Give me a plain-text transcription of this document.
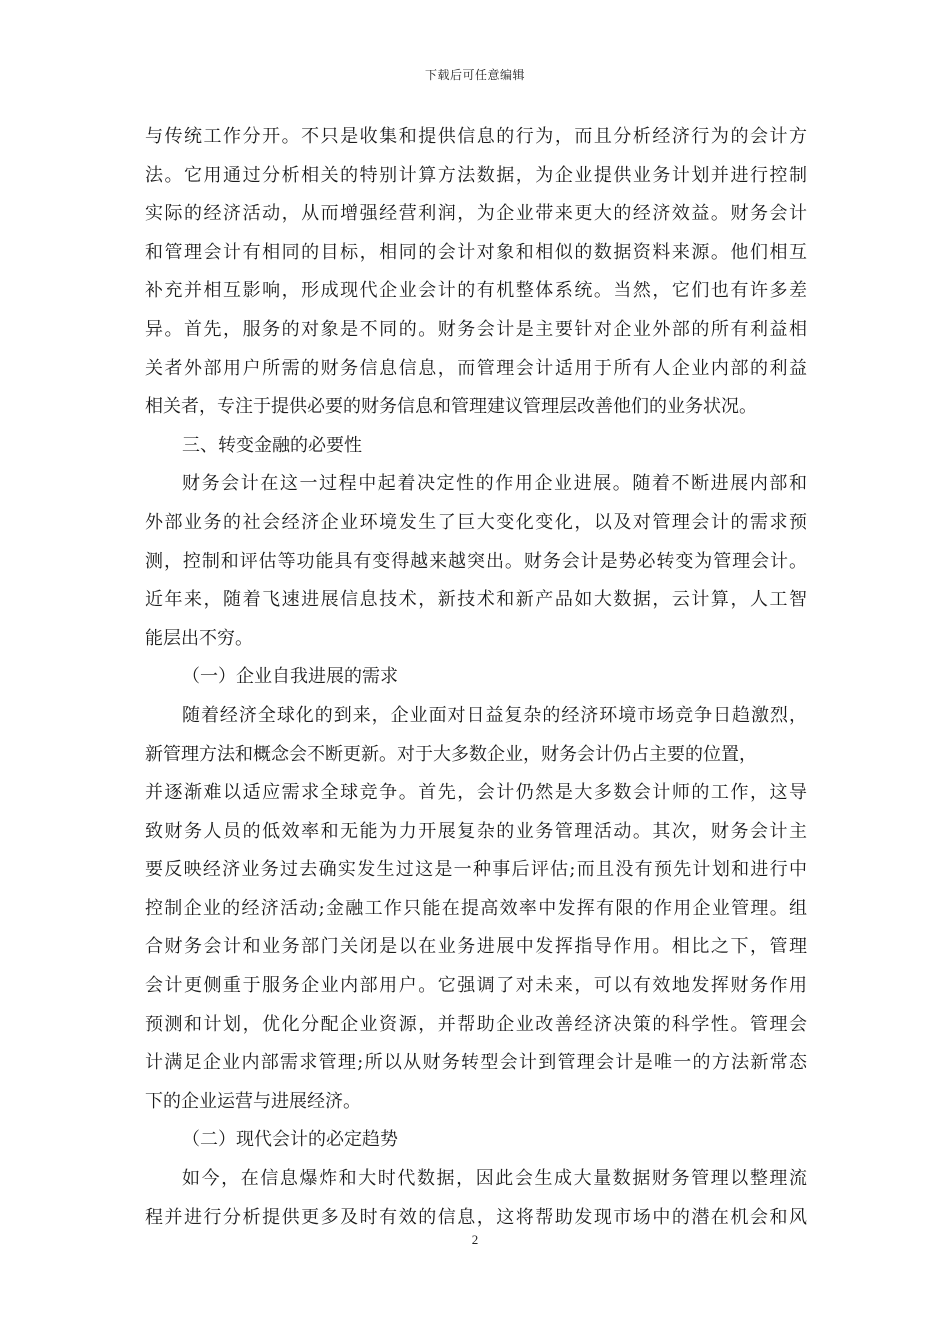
下载后可任意编辑
与传统工作分开。不只是收集和提供信息的行为，而且分析经济行为的会计方
法。它用通过分析相关的特别计算方法数据，为企业提供业务计划并进行控制
实际的经济活动，从而增强经营利润，为企业带来更大的经济效益。财务会计
和管理会计有相同的目标，相同的会计对象和相似的数据资料来源。他们相互
补充并相互影响，形成现代企业会计的有机整体系统。当然，它们也有许多差
异。首先，服务的对象是不同的。财务会计是主要针对企业外部的所有利益相
关者外部用户所需的财务信息信息，而管理会计适用于所有人企业内部的利益
相关者，专注于提供必要的财务信息和管理建议管理层改善他们的业务状况。
三、转变金融的必要性
财务会计在这一过程中起着决定性的作用企业进展。随着不断进展内部和
外部业务的社会经济企业环境发生了巨大变化变化，以及对管理会计的需求预
测，控制和评估等功能具有变得越来越突出。财务会计是势必转变为管理会计。
近年来，随着飞速进展信息技术，新技术和新产品如大数据，云计算，人工智
能层出不穷。
（一）企业自我进展的需求
随着经济全球化的到来，企业面对日益复杂的经济环境市场竞争日趋激烈，
新管理方法和概念会不断更新。对于大多数企业，财务会计仍占主要的位置，
并逐渐难以适应需求全球竞争。首先，会计仍然是大多数会计师的工作，这导
致财务人员的低效率和无能为力开展复杂的业务管理活动。其次，财务会计主
要反映经济业务过去确实发生过这是一种事后评估;而且没有预先计划和进行中
控制企业的经济活动;金融工作只能在提高效率中发挥有限的作用企业管理。组
合财务会计和业务部门关闭是以在业务进展中发挥指导作用。相比之下，管理
会计更侧重于服务企业内部用户。它强调了对未来，可以有效地发挥财务作用
预测和计划，优化分配企业资源，并帮助企业改善经济决策的科学性。管理会
计满足企业内部需求管理;所以从财务转型会计到管理会计是唯一的方法新常态
下的企业运营与进展经济。
（二）现代会计的必定趋势
如今，在信息爆炸和大时代数据，因此会生成大量数据财务管理以整理流
程并进行分析提供更多及时有效的信息，这将帮助发现市场中的潜在机会和风
2
